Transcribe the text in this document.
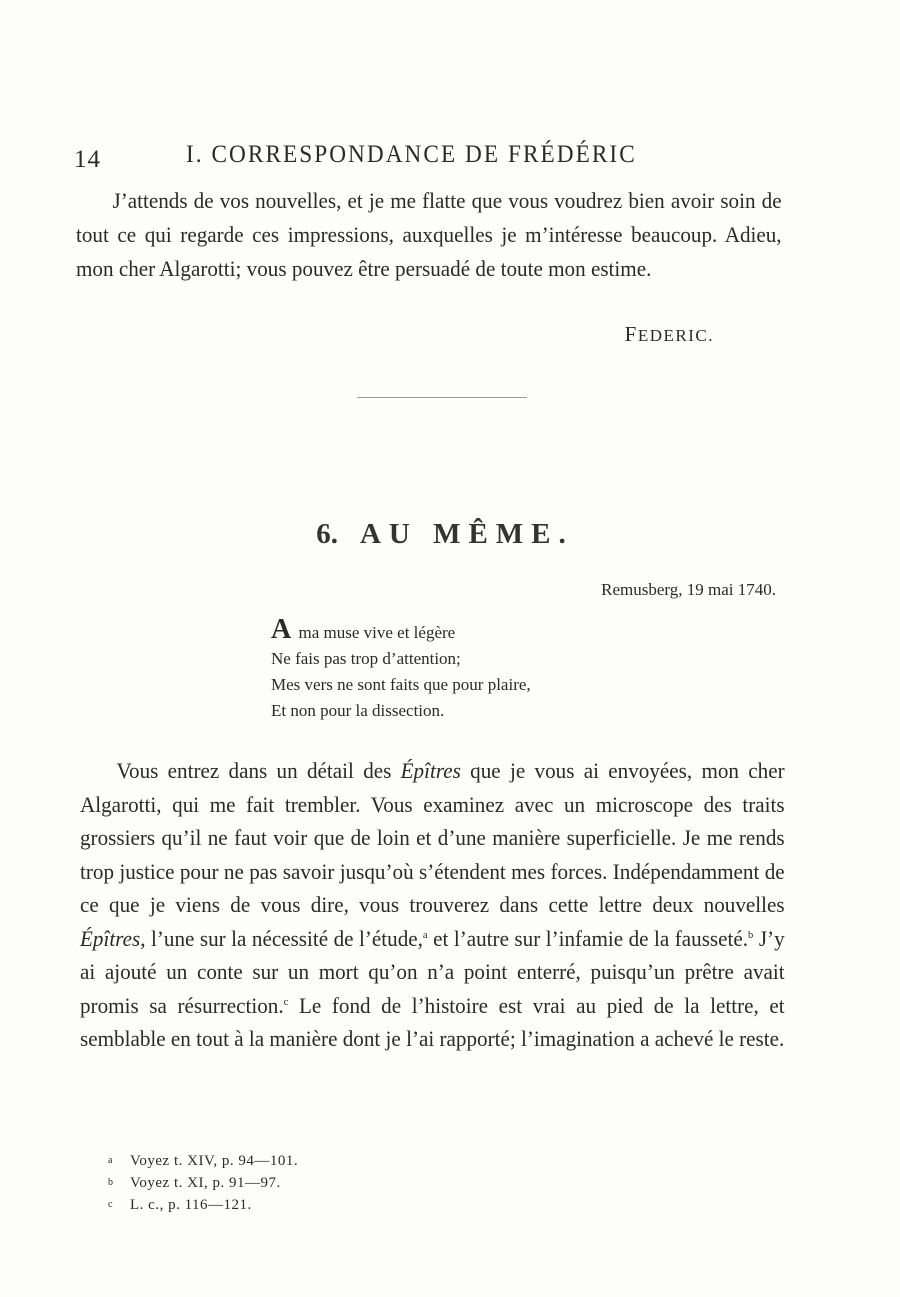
14	I. CORRESPONDANCE DE FRÉDÉRIC
J’attends de vos nouvelles, et je me flatte que vous voudrez bien avoir soin de tout ce qui regarde ces impressions, auxquelles je m’intéresse beaucoup. Adieu, mon cher Algarotti; vous pouvez être persuadé de toute mon estime.
FEDERIC.
6. AU MÊME.
Remusberg, 19 mai 1740.
A ma muse vive et légère
Ne fais pas trop d’attention;
Mes vers ne sont faits que pour plaire,
Et non pour la dissection.
Vous entrez dans un détail des Épîtres que je vous ai envoyées, mon cher Algarotti, qui me fait trembler. Vous examinez avec un microscope des traits grossiers qu’il ne faut voir que de loin et d’une manière superficielle. Je me rends trop justice pour ne pas savoir jusqu’où s’étendent mes forces. Indépendamment de ce que je viens de vous dire, vous trouverez dans cette lettre deux nouvelles Épîtres, l’une sur la nécessité de l’étude,$^a$ et l’autre sur l’infamie de la fausseté.$^b$ J’y ai ajouté un conte sur un mort qu’on n’a point enterré, puisqu’un prêtre avait promis sa résurrection.$^c$ Le fond de l’histoire est vrai au pied de la lettre, et semblable en tout à la manière dont je l’ai rapporté; l’imagination a achevé le reste.
a Voyez t. XIV, p. 94—101.
b Voyez t. XI, p. 91—97.
c L. c., p. 116—121.
